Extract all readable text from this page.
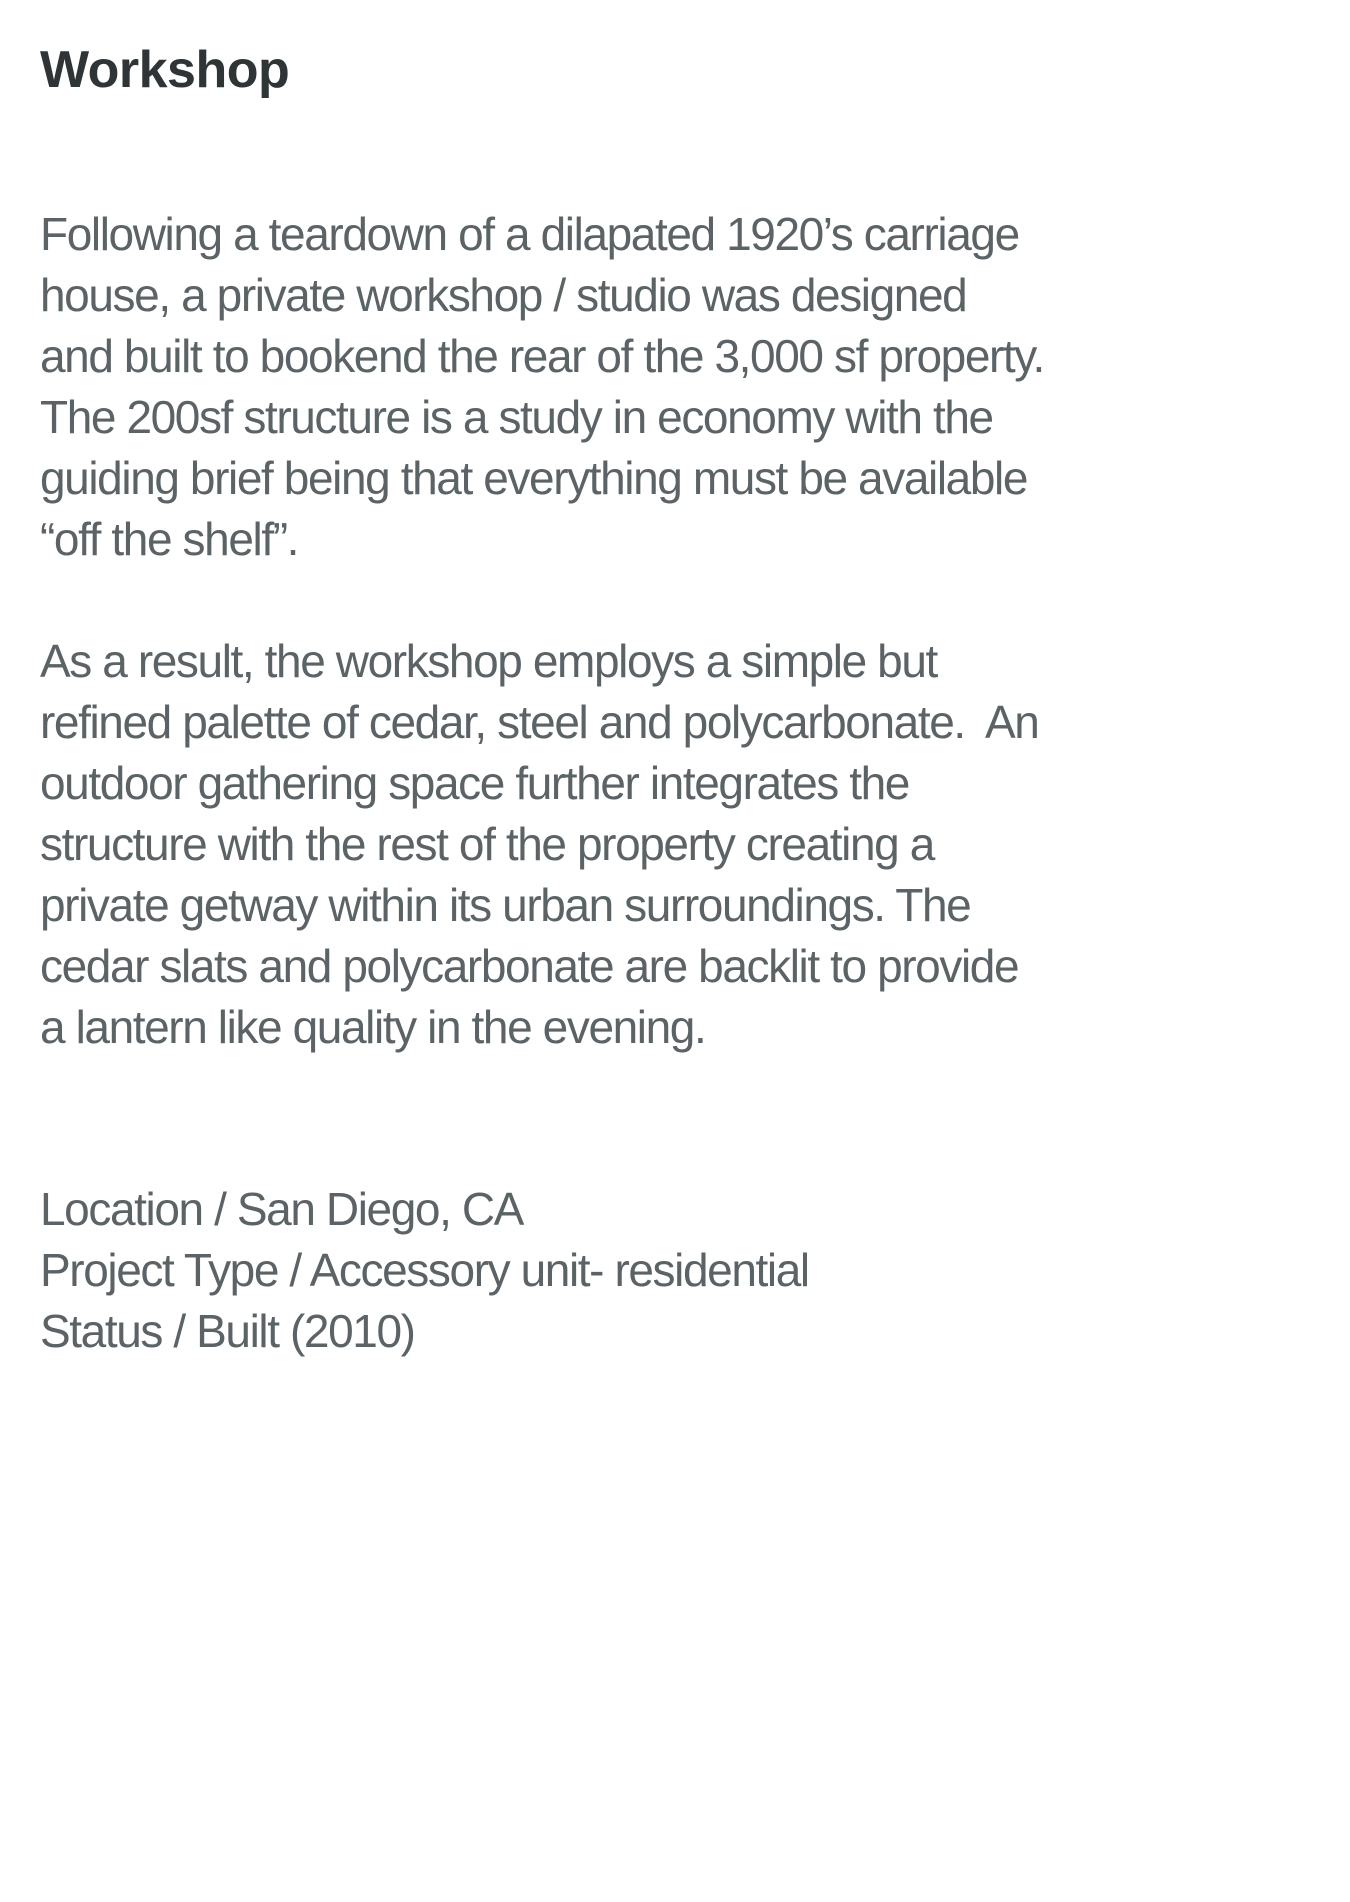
Workshop

Following a teardown of a dilapated 1920’s carriage
house, a private workshop / studio was designed
and built to bookend the rear of the 3,000 sf property.
The 200sf structure is a study in economy with the
guiding brief being that everything must be available
“off the shelf”.

As a result, the workshop employs a simple but
refined palette of cedar, steel and polycarbonate.  An
outdoor gathering space further integrates the
structure with the rest of the property creating a
private getway within its urban surroundings. The
cedar slats and polycarbonate are backlit to provide
a lantern like quality in the evening.

Location / San Diego, CA
Project Type / Accessory unit- residential
Status / Built (2010)
